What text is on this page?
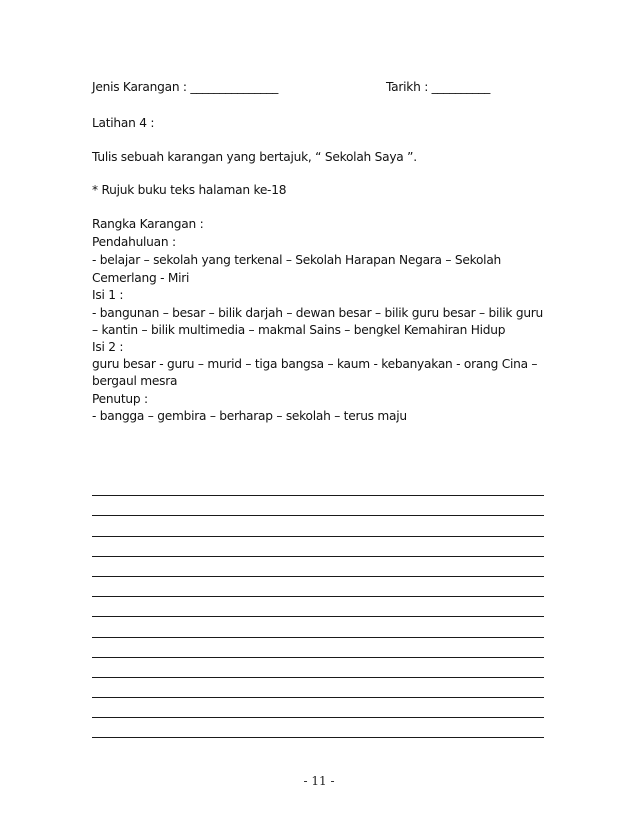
Jenis Karangan : _______________	Tarikh : __________
Latihan 4 :
Tulis sebuah karangan yang bertajuk, “ Sekolah Saya ”.
* Rujuk buku teks halaman ke-18
Rangka Karangan :
Pendahuluan :
- belajar – sekolah yang terkenal – Sekolah Harapan Negara – Sekolah
Cemerlang - Miri
Isi 1 :
- bangunan – besar – bilik darjah – dewan besar – bilik guru besar – bilik guru
– kantin – bilik multimedia – makmal Sains – bengkel Kemahiran Hidup
Isi 2 :
guru besar - guru – murid – tiga bangsa – kaum - kebanyakan - orang Cina –
bergaul mesra
Penutup :
- bangga – gembira – berharap – sekolah – terus maju
- 11 -
